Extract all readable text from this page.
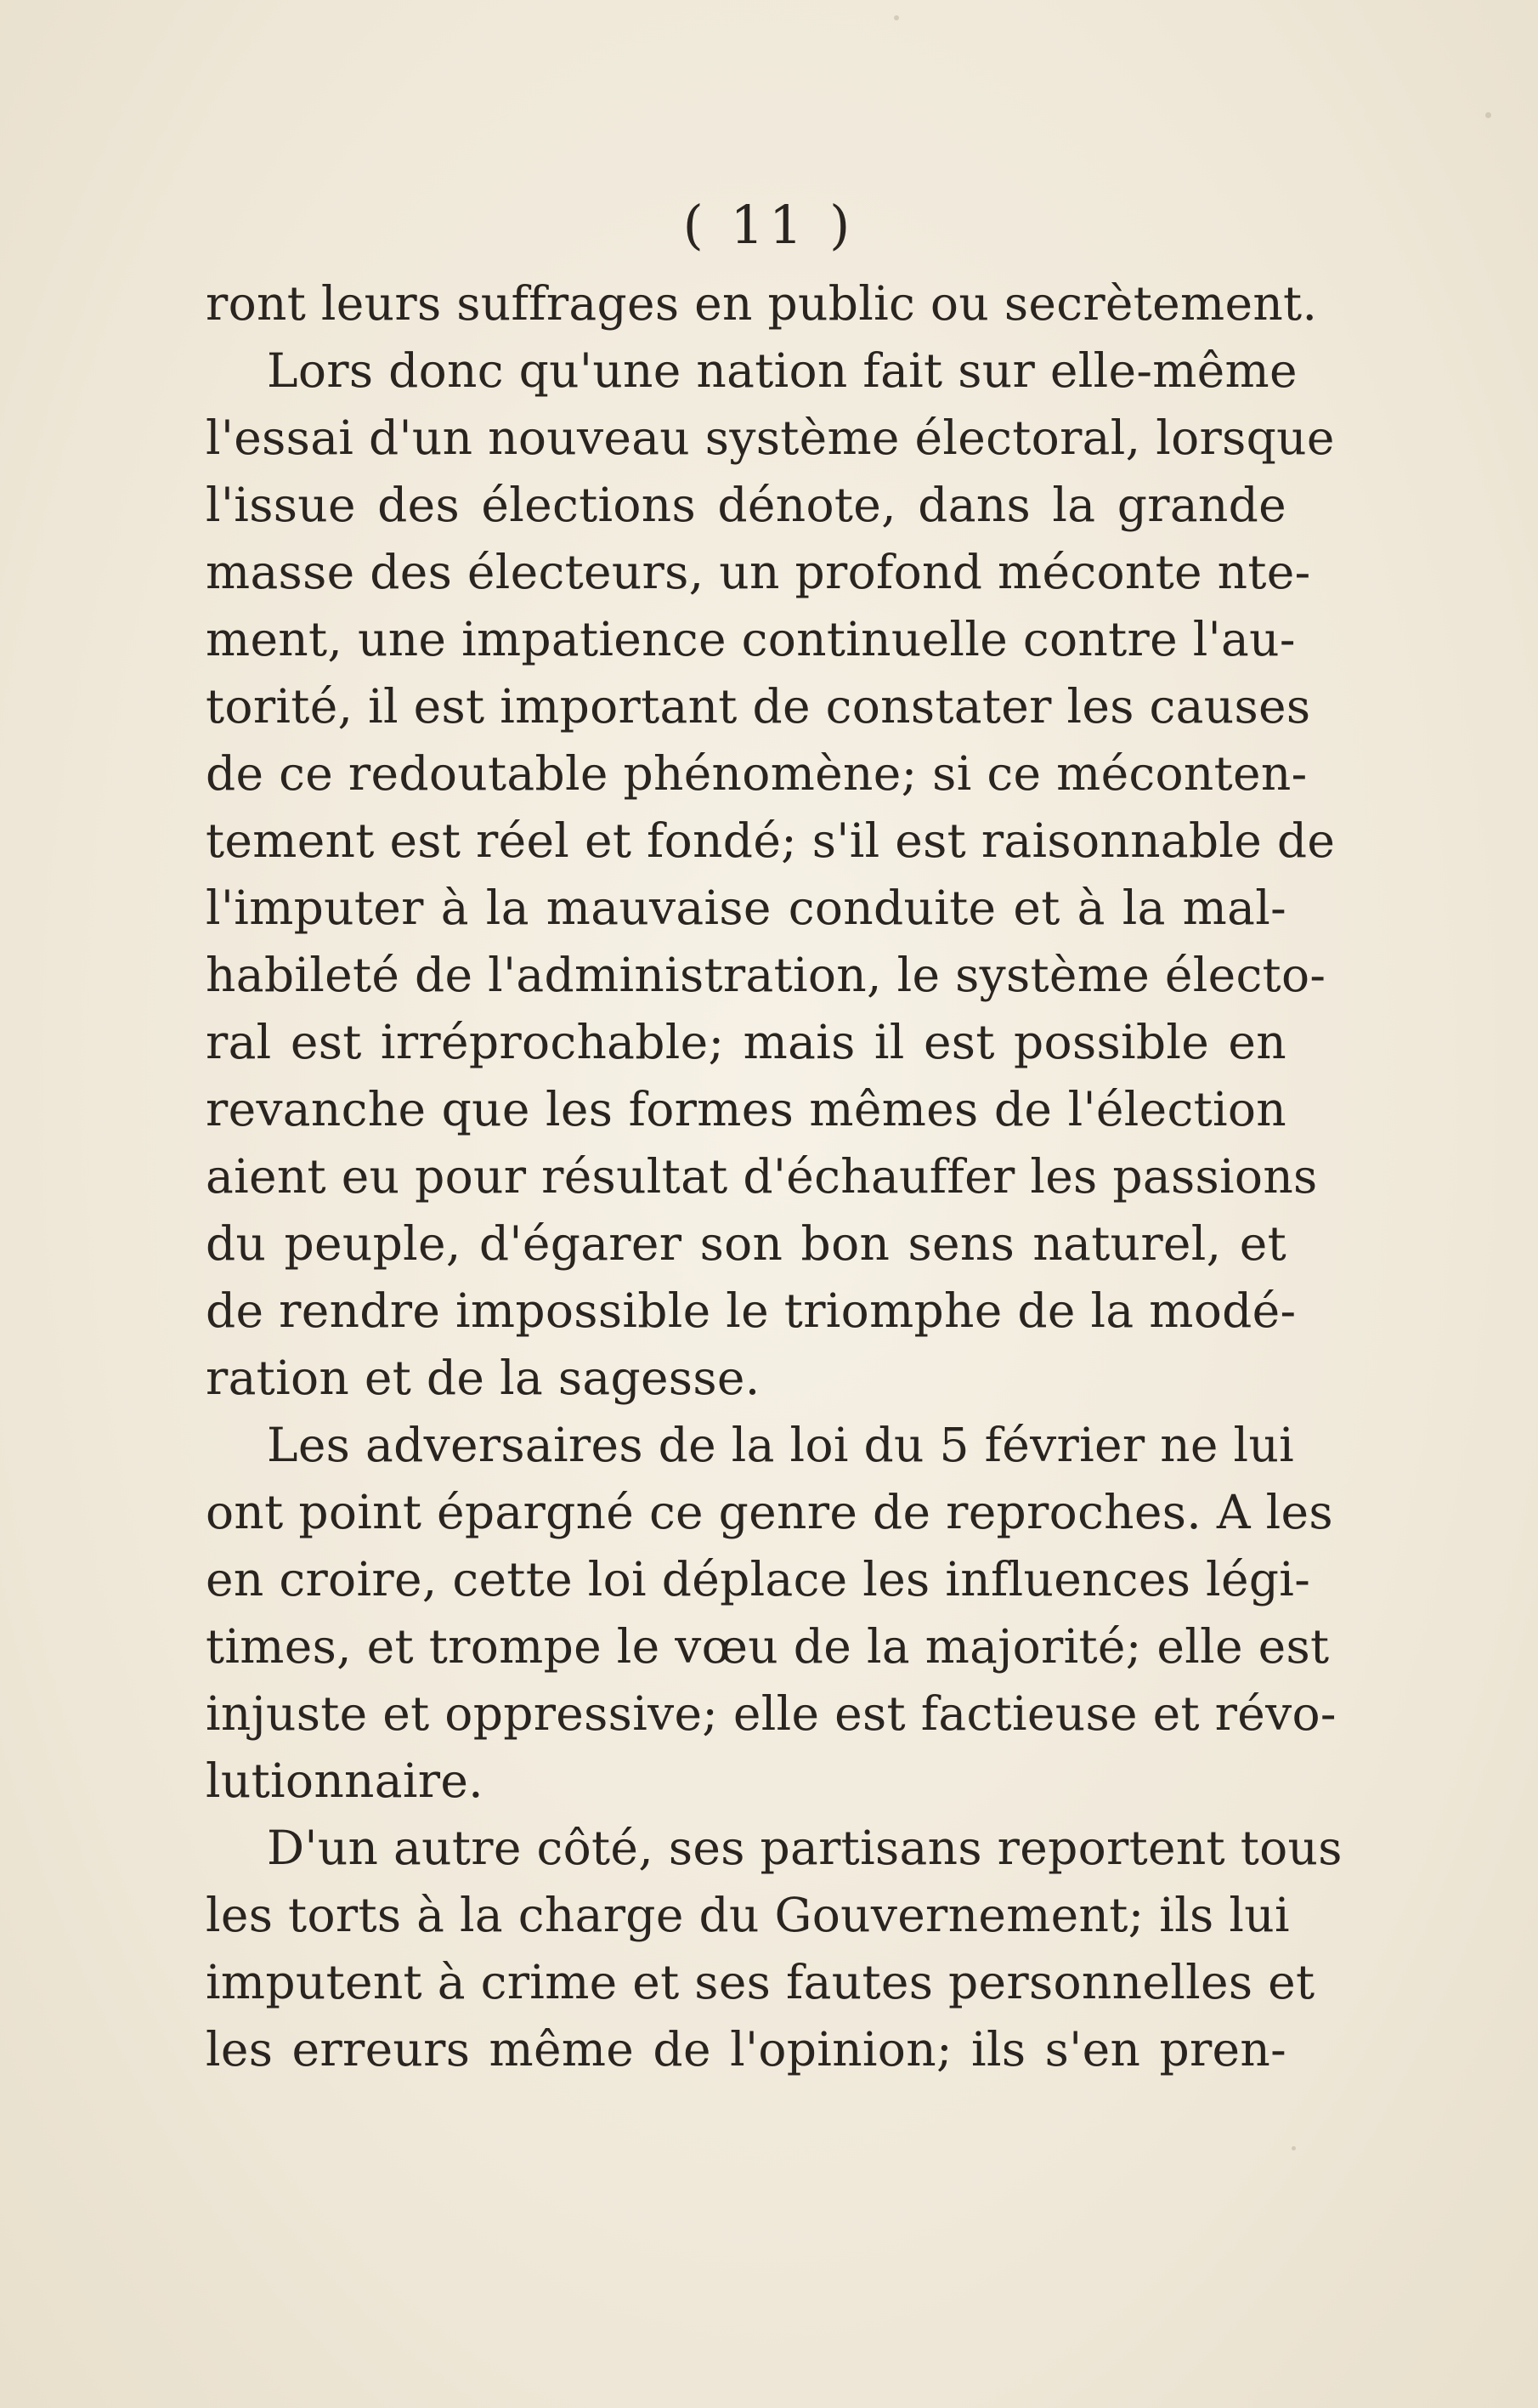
( 11 )
ront leurs suffrages en public ou secrètement.
Lors donc qu'une nation fait sur elle-même
l'essai d'un nouveau système électoral, lorsque
l'issue des élections dénote, dans la grande
masse des électeurs, un profond méconte nte-
ment, une impatience continuelle contre l'au-
torité, il est important de constater les causes
de ce redoutable phénomène; si ce méconten-
tement est réel et fondé; s'il est raisonnable de
l'imputer à la mauvaise conduite et à la mal-
habileté de l'administration, le système électo-
ral est irréprochable; mais il est possible en
revanche que les formes mêmes de l'élection
aient eu pour résultat d'échauffer les passions
du peuple, d'égarer son bon sens naturel, et
de rendre impossible le triomphe de la modé-
ration et de la sagesse.
Les adversaires de la loi du 5 février ne lui
ont point épargné ce genre de reproches. A les
en croire, cette loi déplace les influences légi-
times, et trompe le vœu de la majorité; elle est
injuste et oppressive; elle est factieuse et révo-
lutionnaire.
D'un autre côté, ses partisans reportent tous
les torts à la charge du Gouvernement; ils lui
imputent à crime et ses fautes personnelles et
les erreurs même de l'opinion; ils s'en pren-
